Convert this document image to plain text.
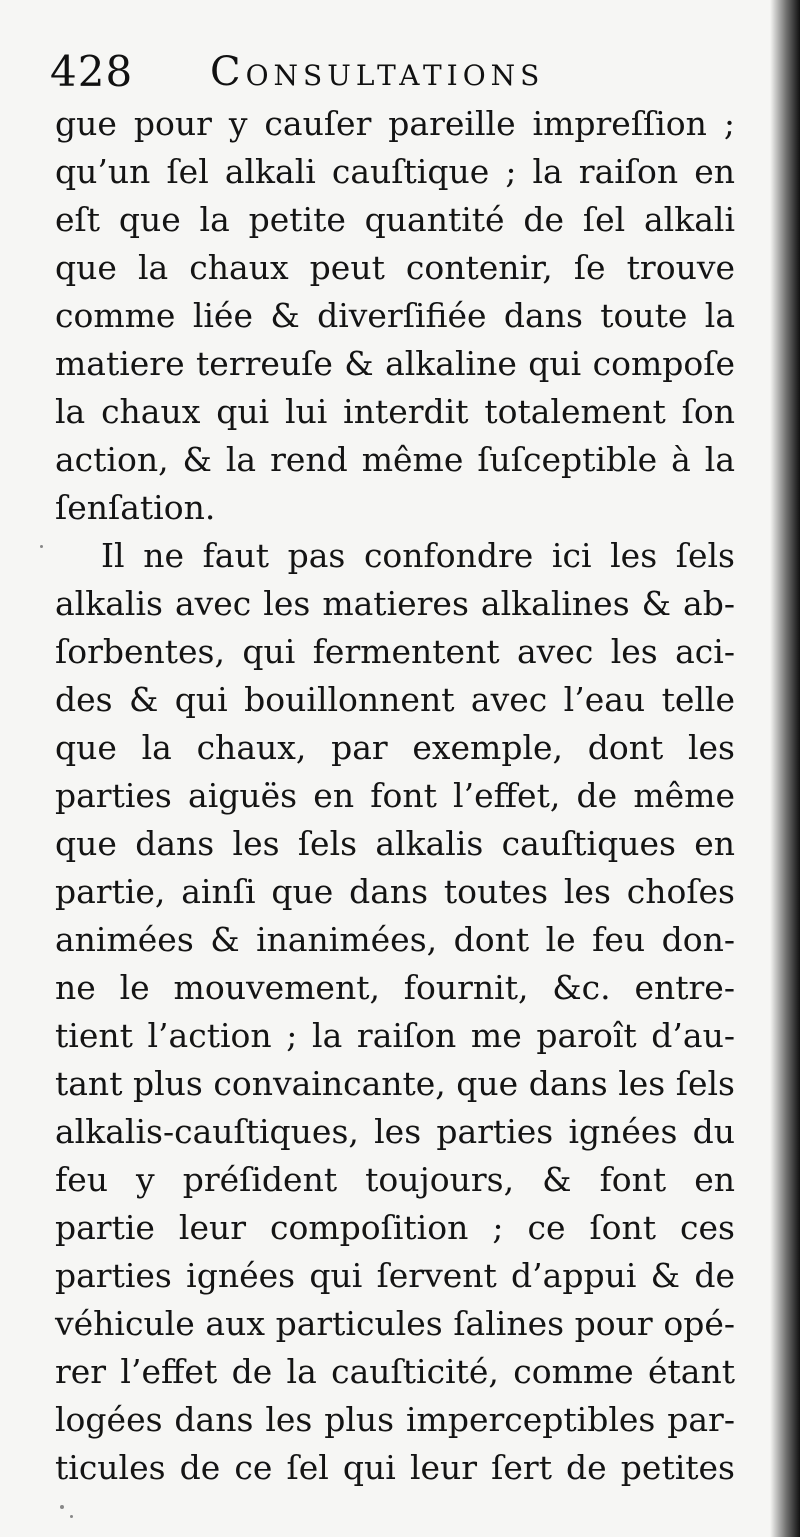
428 Consultations
gue pour y cauſer pareille impreſſion ;
qu’un ſel alkali cauſtique ; la raiſon en
eſt que la petite quantité de ſel alkali
que la chaux peut contenir, ſe trouve
comme liée & diverſifiée dans toute la
matiere terreuſe & alkaline qui compoſe
la chaux qui lui interdit totalement ſon
action, & la rend même ſuſceptible à la
ſenſation.
Il ne faut pas confondre ici les ſels
alkalis avec les matieres alkalines & ab-
ſorbentes, qui fermentent avec les aci-
des & qui bouillonnent avec l’eau telle
que la chaux, par exemple, dont les
parties aiguës en font l’effet, de même
que dans les ſels alkalis cauſtiques en
partie, ainſi que dans toutes les choſes
animées & inanimées, dont le feu don-
ne le mouvement, fournit, &c. entre-
tient l’action ; la raiſon me paroît d’au-
tant plus convaincante, que dans les ſels
alkalis-cauſtiques, les parties ignées du
feu y préſident toujours, & font en
partie leur compoſition ; ce ſont ces
parties ignées qui ſervent d’appui & de
véhicule aux particules ſalines pour opé-
rer l’effet de la cauſticité, comme étant
logées dans les plus imperceptibles par-
ticules de ce ſel qui leur ſert de petites
